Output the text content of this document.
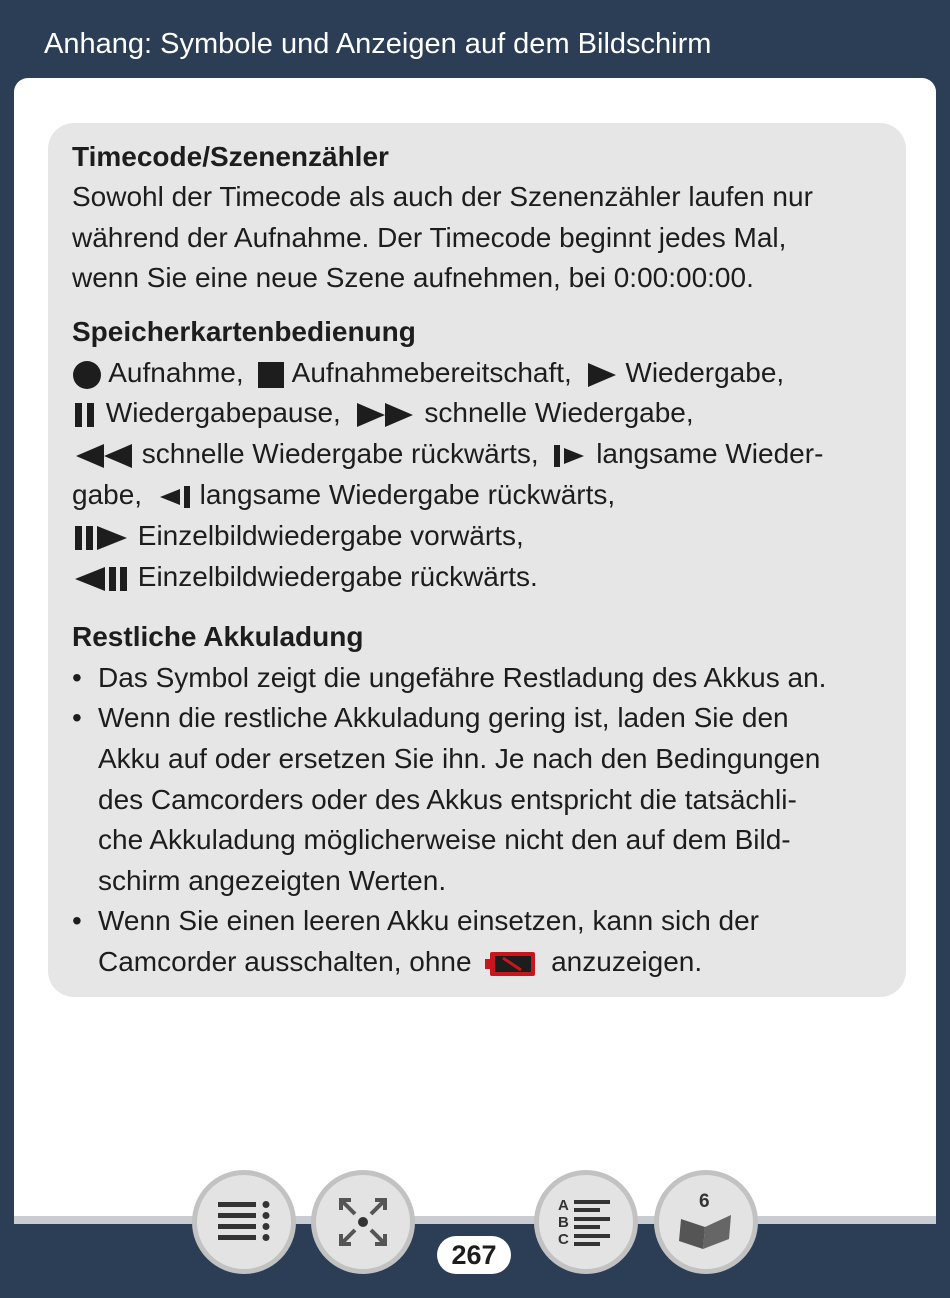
Anhang: Symbole und Anzeigen auf dem Bildschirm
Timecode/Szenenzähler
Sowohl der Timecode als auch der Szenenzähler laufen nur
während der Aufnahme. Der Timecode beginnt jedes Mal,
wenn Sie eine neue Szene aufnehmen, bei 0:00:00:00.
Speicherkartenbedienung
Aufnahme, Aufnahmebereitschaft, Wiedergabe,
Wiedergabepause,	schnelle Wiedergabe,
schnelle Wiedergabe rückwärts, langsame Wieder-
gabe, langsame Wiedergabe rückwärts,
Einzelbildwiedergabe vorwärts,
Einzelbildwiedergabe rückwärts.
Restliche Akkuladung
• Das Symbol zeigt die ungefähre Restladung des Akkus an.
• Wenn die restliche Akkuladung gering ist, laden Sie den
Akku auf oder ersetzen Sie ihn. Je nach den Bedingungen
des Camcorders oder des Akkus entspricht die tatsächli-
che Akkuladung möglicherweise nicht den auf dem Bild-
schirm angezeigten Werten.
• Wenn Sie einen leeren Akku einsetzen, kann sich der
Camcorder ausschalten, ohne	anzuzeigen.
267
A
B
C
6
